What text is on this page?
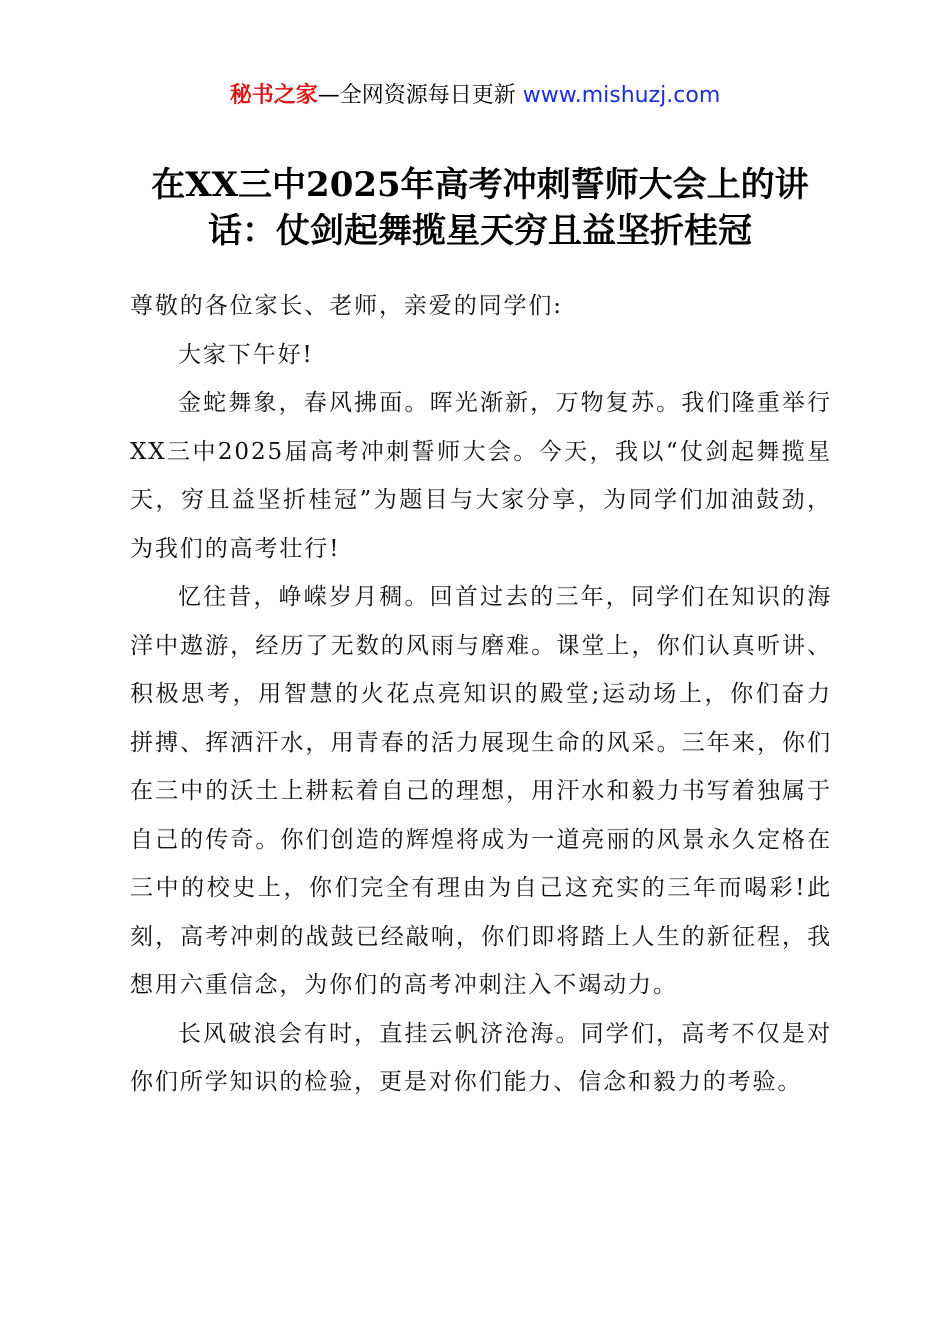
秘书之家—全网资源每日更新 www.mishuzj.com
在XX三中2025年高考冲刺誓师大会上的讲话：仗剑起舞揽星天穷且益坚折桂冠

尊敬的各位家长、老师，亲爱的同学们:

大家下午好!

金蛇舞象，春风拂面。晖光渐新，万物复苏。我们隆重举行XX三中2025届高考冲刺誓师大会。今天，我以“仗剑起舞揽星天，穷且益坚折桂冠”为题目与大家分享，为同学们加油鼓劲，为我们的高考壮行!

忆往昔，峥嵘岁月稠。回首过去的三年，同学们在知识的海洋中遨游，经历了无数的风雨与磨难。课堂上，你们认真听讲、积极思考，用智慧的火花点亮知识的殿堂;运动场上，你们奋力拼搏、挥洒汗水，用青春的活力展现生命的风采。三年来，你们在三中的沃土上耕耘着自己的理想，用汗水和毅力书写着独属于自己的传奇。你们创造的辉煌将成为一道亮丽的风景永久定格在三中的校史上，你们完全有理由为自己这充实的三年而喝彩!此刻，高考冲刺的战鼓已经敲响，你们即将踏上人生的新征程，我想用六重信念，为你们的高考冲刺注入不竭动力。

长风破浪会有时，直挂云帆济沧海。同学们，高考不仅是对你们所学知识的检验，更是对你们能力、信念和毅力的考验。
